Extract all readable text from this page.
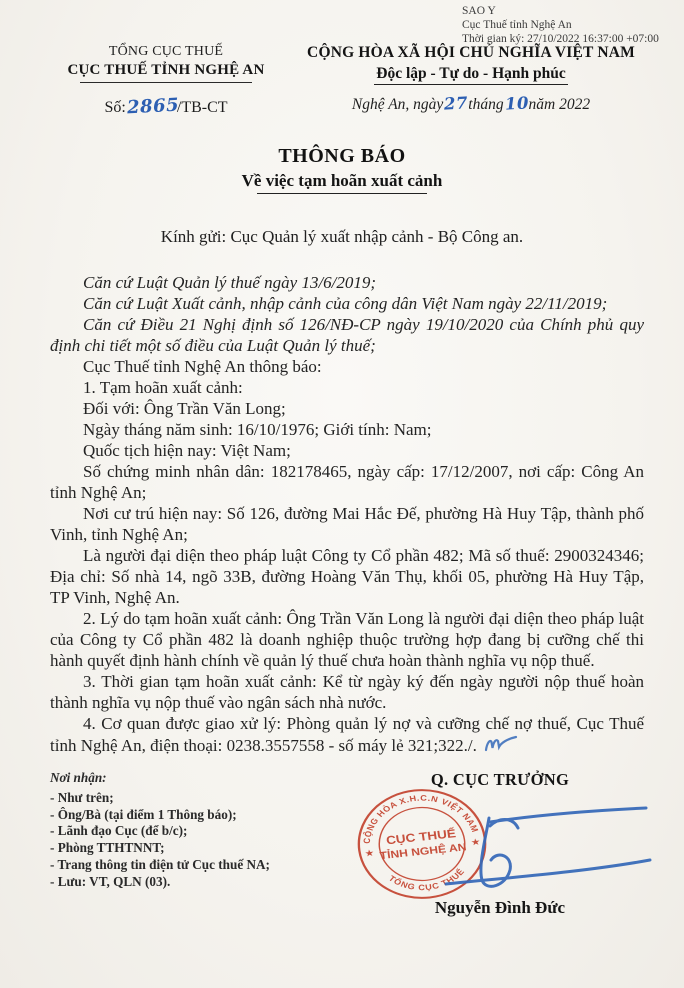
SAO Y
Cục Thuế tỉnh Nghệ An
Thời gian ký: 27/10/2022 16:37:00 +07:00
TỔNG CỤC THUẾ
CỤC THUẾ TỈNH NGHỆ AN
Số:2865/TB-CT
CỘNG HÒA XÃ HỘI CHỦ NGHĨA VIỆT NAM
Độc lập - Tự do - Hạnh phúc
Nghệ An, ngày27tháng10năm 2022
THÔNG BÁO
Về việc tạm hoãn xuất cảnh
Kính gửi: Cục Quản lý xuất nhập cảnh - Bộ Công an.

Căn cứ Luật Quản lý thuế ngày 13/6/2019;

Căn cứ Luật Xuất cảnh, nhập cảnh của công dân Việt Nam ngày 22/11/2019;

Căn cứ Điều 21 Nghị định số 126/NĐ-CP ngày 19/10/2020 của Chính phủ quy định chi tiết một số điều của Luật Quản lý thuế;

Cục Thuế tỉnh Nghệ An thông báo:

1. Tạm hoãn xuất cảnh:

Đối với: Ông Trần Văn Long;

Ngày tháng năm sinh: 16/10/1976; Giới tính: Nam;

Quốc tịch hiện nay: Việt Nam;

Số chứng minh nhân dân: 182178465, ngày cấp: 17/12/2007, nơi cấp: Công An tỉnh Nghệ An;

Nơi cư trú hiện nay: Số 126, đường Mai Hắc Đế, phường Hà Huy Tập, thành phố Vinh, tỉnh Nghệ An;

Là người đại diện theo pháp luật Công ty Cổ phần 482; Mã số thuế: 2900324346; Địa chỉ: Số nhà 14, ngõ 33B, đường Hoàng Văn Thụ, khối 05, phường Hà Huy Tập, TP Vinh, Nghệ An.

2. Lý do tạm hoãn xuất cảnh: Ông Trần Văn Long là người đại diện theo pháp luật của Công ty Cổ phần 482 là doanh nghiệp thuộc trường hợp đang bị cưỡng chế thi hành quyết định hành chính về quản lý thuế chưa hoàn thành nghĩa vụ nộp thuế.

3. Thời gian tạm hoãn xuất cảnh: Kể từ ngày ký đến ngày người nộp thuế hoàn thành nghĩa vụ nộp thuế vào ngân sách nhà nước.

4. Cơ quan được giao xử lý: Phòng quản lý nợ và cưỡng chế nợ thuế, Cục Thuế tỉnh Nghệ An, điện thoại: 0238.3557558 - số máy lẻ 321;322./.

Nơi nhận:
- Như trên;
- Ông/Bà (tại điểm 1 Thông báo);
- Lãnh đạo Cục (để b/c);
- Phòng TTHTNNT;
- Trang thông tin điện tử Cục thuế NA;
- Lưu: VT, QLN (03).
Q. CỤC TRƯỞNG
CỘNG HÒA X.H.C.N VIỆT NAM
TỔNG CỤC THUẾ
CỤC THUẾ
TỈNH NGHỆ AN
★
★
Nguyễn Đình Đức
